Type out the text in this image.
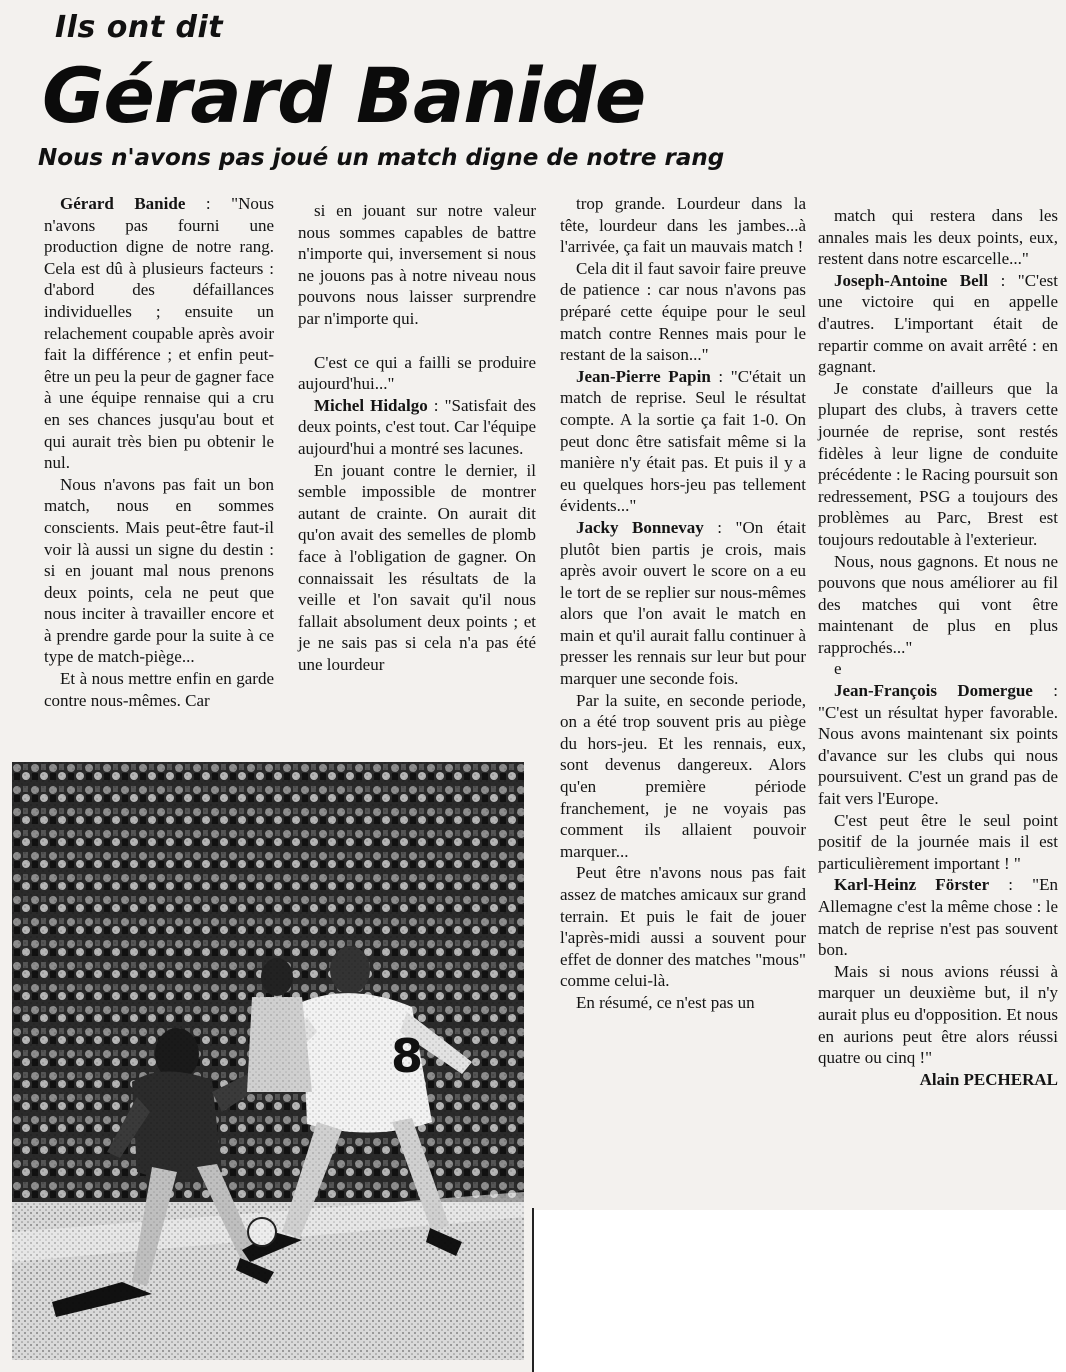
Ils ont dit
Gérard Banide
Nous n'avons pas joué un match digne de notre rang

Gérard Banide : "Nous n'avons pas fourni une production digne de notre rang. Cela est dû à plusieurs facteurs : d'abord des défaillances individuelles ; ensuite un relachement coupable après avoir fait la différence ; et enfin peut-être un peu la peur de gagner face à une équipe rennaise qui a cru en ses chances jusqu'au bout et qui aurait très bien pu obtenir le nul.

Nous n'avons pas fait un bon match, nous en sommes conscients. Mais peut-être faut-il voir là aussi un signe du destin : si en jouant mal nous prenons deux points, cela ne peut que nous inciter à travailler encore et à prendre garde pour la suite à ce type de match-piège...

Et à nous mettre enfin en garde contre nous-mêmes. Car

si en jouant sur notre valeur nous sommes capables de battre n'importe qui, inversement si nous ne jouons pas à notre niveau nous pouvons nous laisser surprendre par n'importe qui.

C'est ce qui a failli se produire aujourd'hui..."

Michel Hidalgo : "Satisfait des deux points, c'est tout. Car l'équipe aujourd'hui a montré ses lacunes.

En jouant contre le dernier, il semble impossible de montrer autant de crainte. On aurait dit qu'on avait des semelles de plomb face à l'obligation de gagner. On connaissait les résultats de la veille et l'on savait qu'il nous fallait absolument deux points ; et je ne sais pas si cela n'a pas été une lourdeur

trop grande. Lourdeur dans la tête, lourdeur dans les jambes...à l'arrivée, ça fait un mauvais match !

Cela dit il faut savoir faire preuve de patience : car nous n'avons pas préparé cette équipe pour le seul match contre Rennes mais pour le restant de la saison..."

Jean-Pierre Papin : "C'était un match de reprise. Seul le résultat compte. A la sortie ça fait 1-0. On peut donc être satisfait même si la manière n'y était pas. Et puis il y a eu quelques hors-jeu pas tellement évidents..."

Jacky Bonnevay : "On était plutôt bien partis je crois, mais après avoir ouvert le score on a eu le tort de se replier sur nous-mêmes alors que l'on avait le match en main et qu'il aurait fallu continuer à presser les rennais sur leur but pour marquer une seconde fois.

Par la suite, en seconde periode, on a été trop souvent pris au piège du hors-jeu. Et les rennais, eux, sont devenus dangereux. Alors qu'en première période franchement, je ne voyais pas comment ils allaient pouvoir marquer...

Peut être n'avons nous pas fait assez de matches amicaux sur grand terrain. Et puis le fait de jouer l'après-midi aussi a souvent pour effet de donner des matches "mous" comme celui-là.

En résumé, ce n'est pas un

match qui restera dans les annales mais les deux points, eux, restent dans notre escarcelle..."

Joseph-Antoine Bell : "C'est une victoire qui en appelle d'autres. L'important était de repartir comme on avait arrêté : en gagnant.

Je constate d'ailleurs que la plupart des clubs, à travers cette journée de reprise, sont restés fidèles à leur ligne de conduite précédente : le Racing poursuit son redressement, PSG a toujours des problèmes au Parc, Brest est toujours redoutable à l'exterieur.

Nous, nous gagnons. Et nous ne pouvons que nous améliorer au fil des matches qui vont être maintenant de plus en plus rapprochés..."

e

Jean-François Domergue : "C'est un résultat hyper favorable. Nous avons maintenant six points d'avance sur les clubs qui nous poursuivent. C'est un grand pas de fait vers l'Europe.

C'est peut être le seul point positif de la journée mais il est particulièrement important ! "

Karl-Heinz Förster : "En Allemagne c'est la même chose : le match de reprise n'est pas souvent bon.

Mais si nous avions réussi à marquer un deuxième but, il n'y aurait plus eu d'opposition. Et nous en aurions peut être alors réussi quatre ou cinq !"

Alain PECHERAL
